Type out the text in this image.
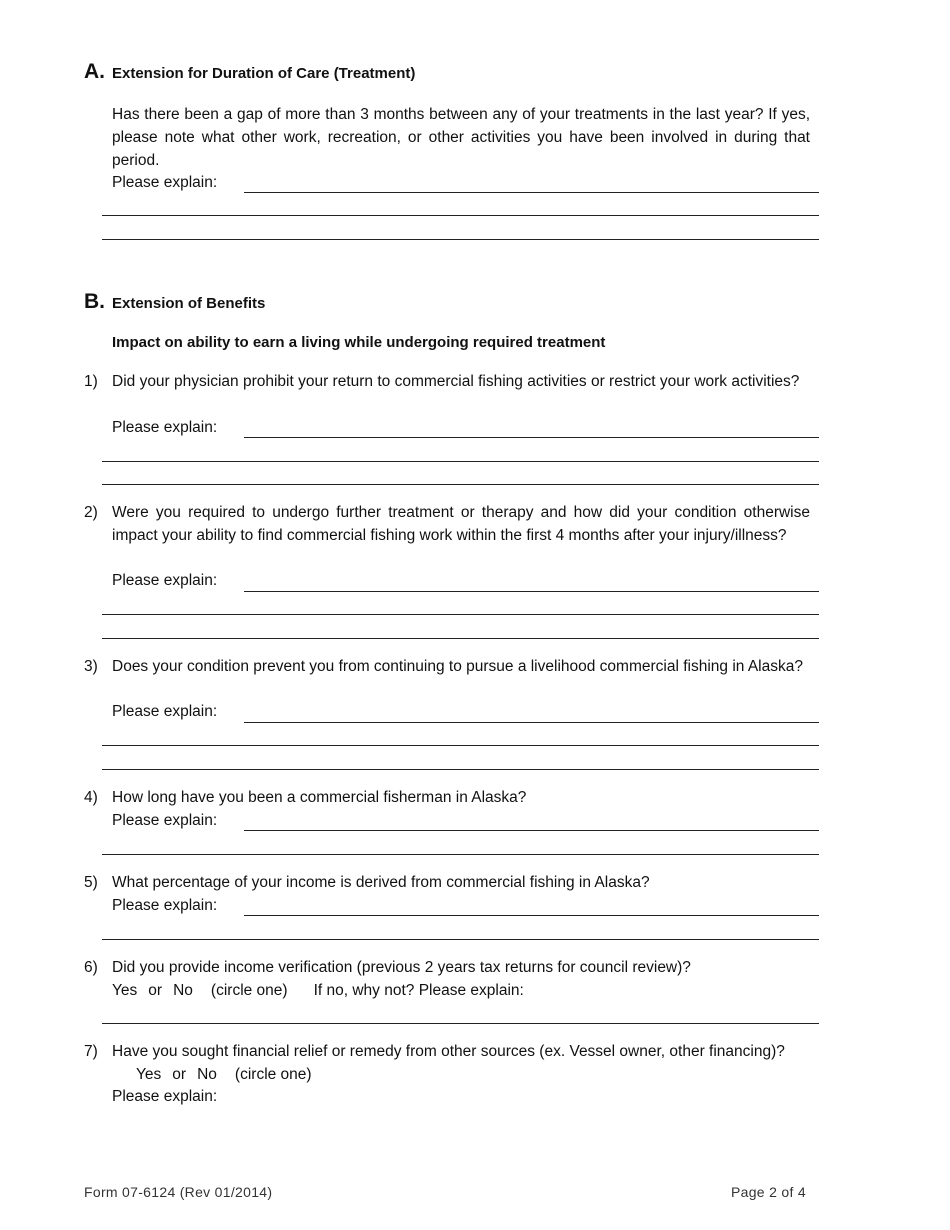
A. Extension for Duration of Care (Treatment)
Has there been a gap of more than 3 months between any of your treatments in the last year? If yes, please note what other work, recreation, or other activities you have been involved in during that period.
Please explain:
B. Extension of Benefits
Impact on ability to earn a living while undergoing required treatment
1) Did your physician prohibit your return to commercial fishing activities or restrict your work activities?
Please explain:
2) Were you required to undergo further treatment or therapy and how did your condition otherwise impact your ability to find commercial fishing work within the first 4 months after your injury/illness?
Please explain:
3) Does your condition prevent you from continuing to pursue a livelihood commercial fishing in Alaska?
Please explain:
4) How long have you been a commercial fisherman in Alaska?
Please explain:
5) What percentage of your income is derived from commercial fishing in Alaska?
Please explain:
6) Did you provide income verification (previous 2 years tax returns for council review)?
Yes or No (circle one) If no, why not? Please explain:
7) Have you sought financial relief or remedy from other sources (ex. Vessel owner, other financing)?Yes or No (circle one)
Please explain:
Form 07-6124 (Rev 01/2014)	Page 2 of 4
